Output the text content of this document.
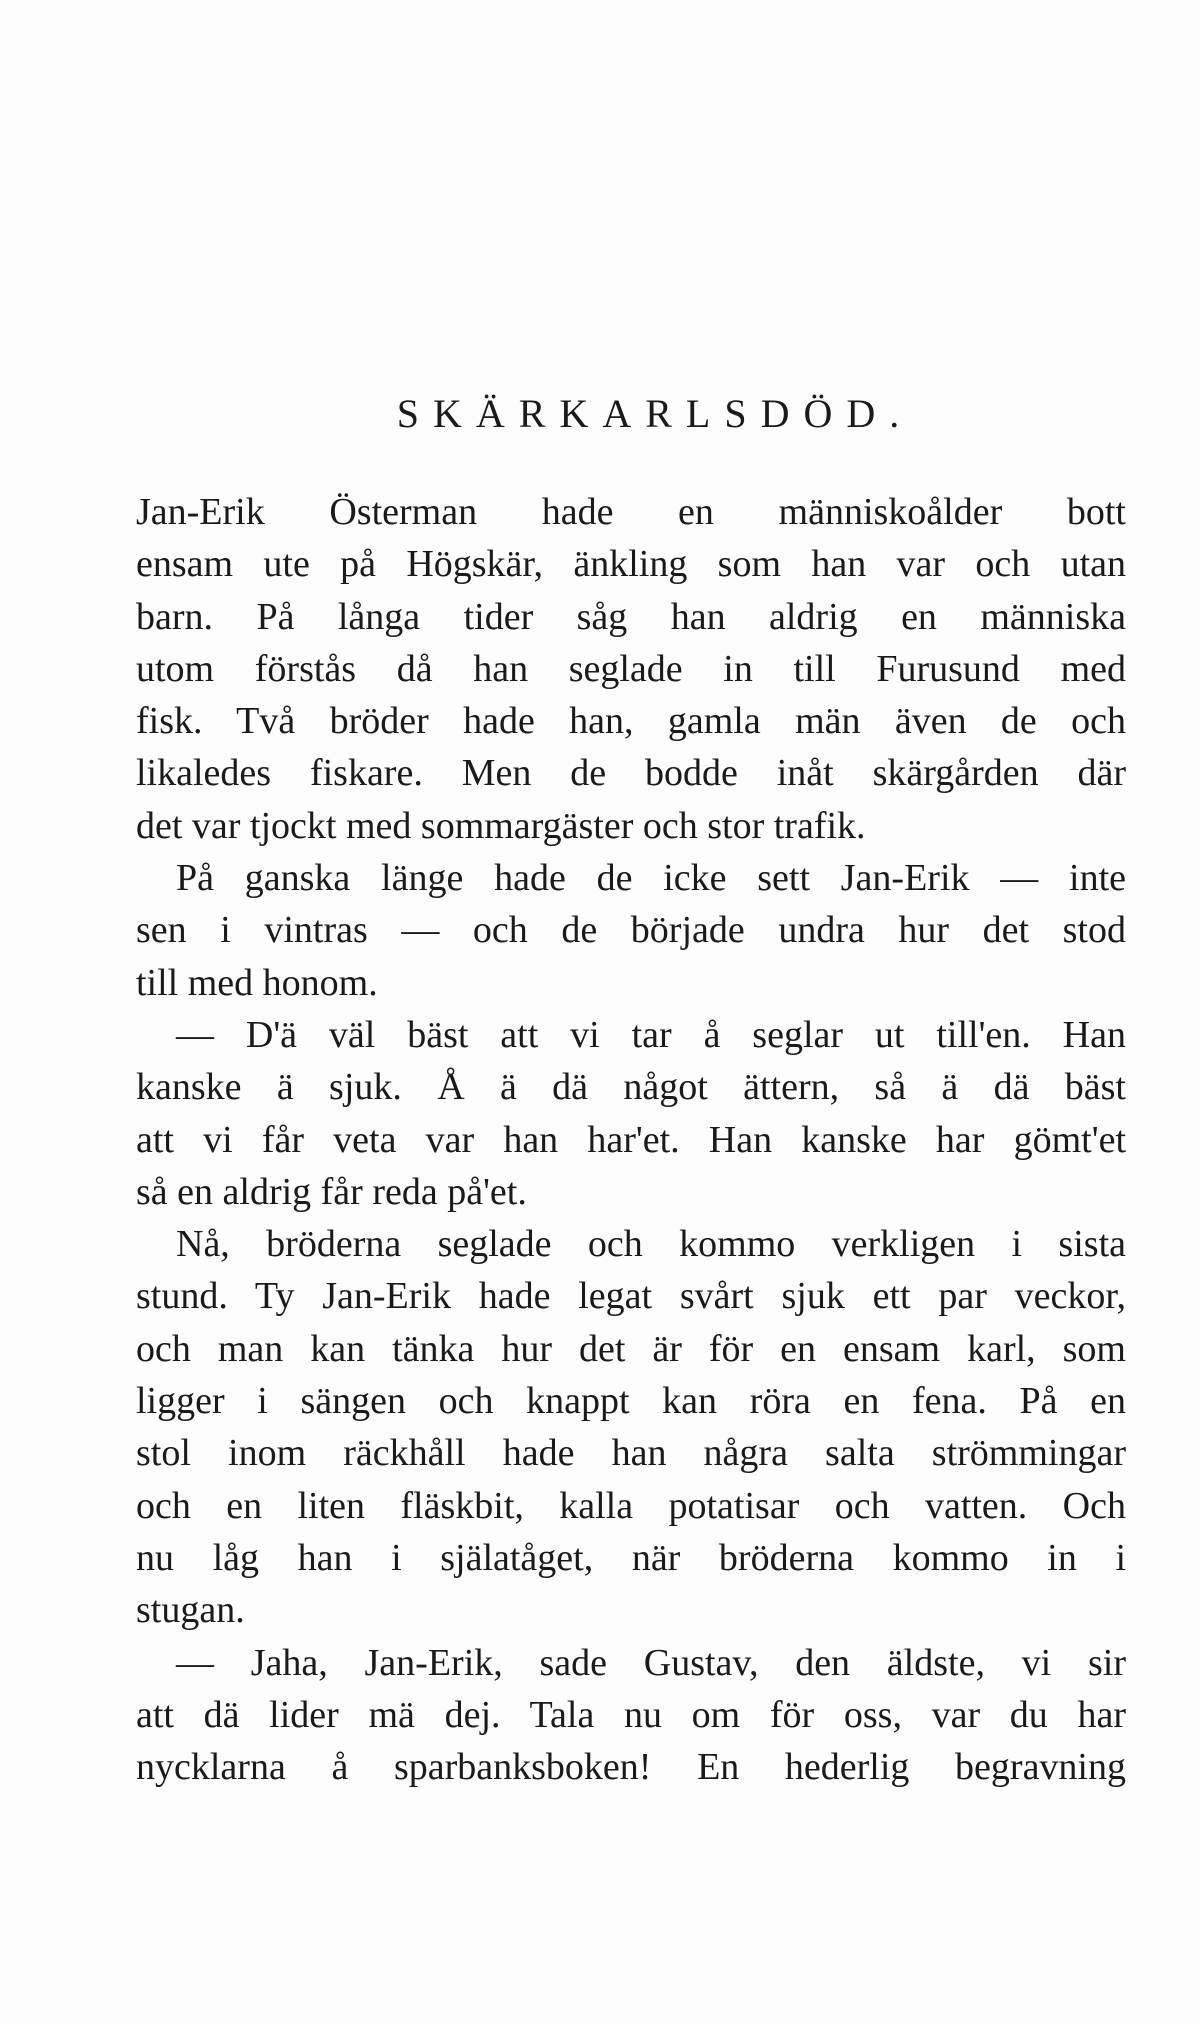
SKÄRKARLSDÖD.
Jan-Erik Österman hade en människoålder bott
ensam ute på Högskär, änkling som han var och utan
barn. På långa tider såg han aldrig en människa
utom förstås då han seglade in till Furusund med
fisk. Två bröder hade han, gamla män även de och
likaledes fiskare. Men de bodde inåt skärgården där
det var tjockt med sommargäster och stor trafik.
På ganska länge hade de icke sett Jan-Erik — inte
sen i vintras — och de började undra hur det stod
till med honom.
— D'ä väl bäst att vi tar å seglar ut till'en. Han
kanske ä sjuk. Å ä dä något ättern, så ä dä bäst
att vi får veta var han har'et. Han kanske har gömt'et
så en aldrig får reda på'et.
Nå, bröderna seglade och kommo verkligen i sista
stund. Ty Jan-Erik hade legat svårt sjuk ett par veckor,
och man kan tänka hur det är för en ensam karl, som
ligger i sängen och knappt kan röra en fena. På en
stol inom räckhåll hade han några salta strömmingar
och en liten fläskbit, kalla potatisar och vatten. Och
nu låg han i själatåget, när bröderna kommo in i
stugan.
— Jaha, Jan-Erik, sade Gustav, den äldste, vi sir
att dä lider mä dej. Tala nu om för oss, var du har
nycklarna å sparbanksboken! En hederlig begravning
